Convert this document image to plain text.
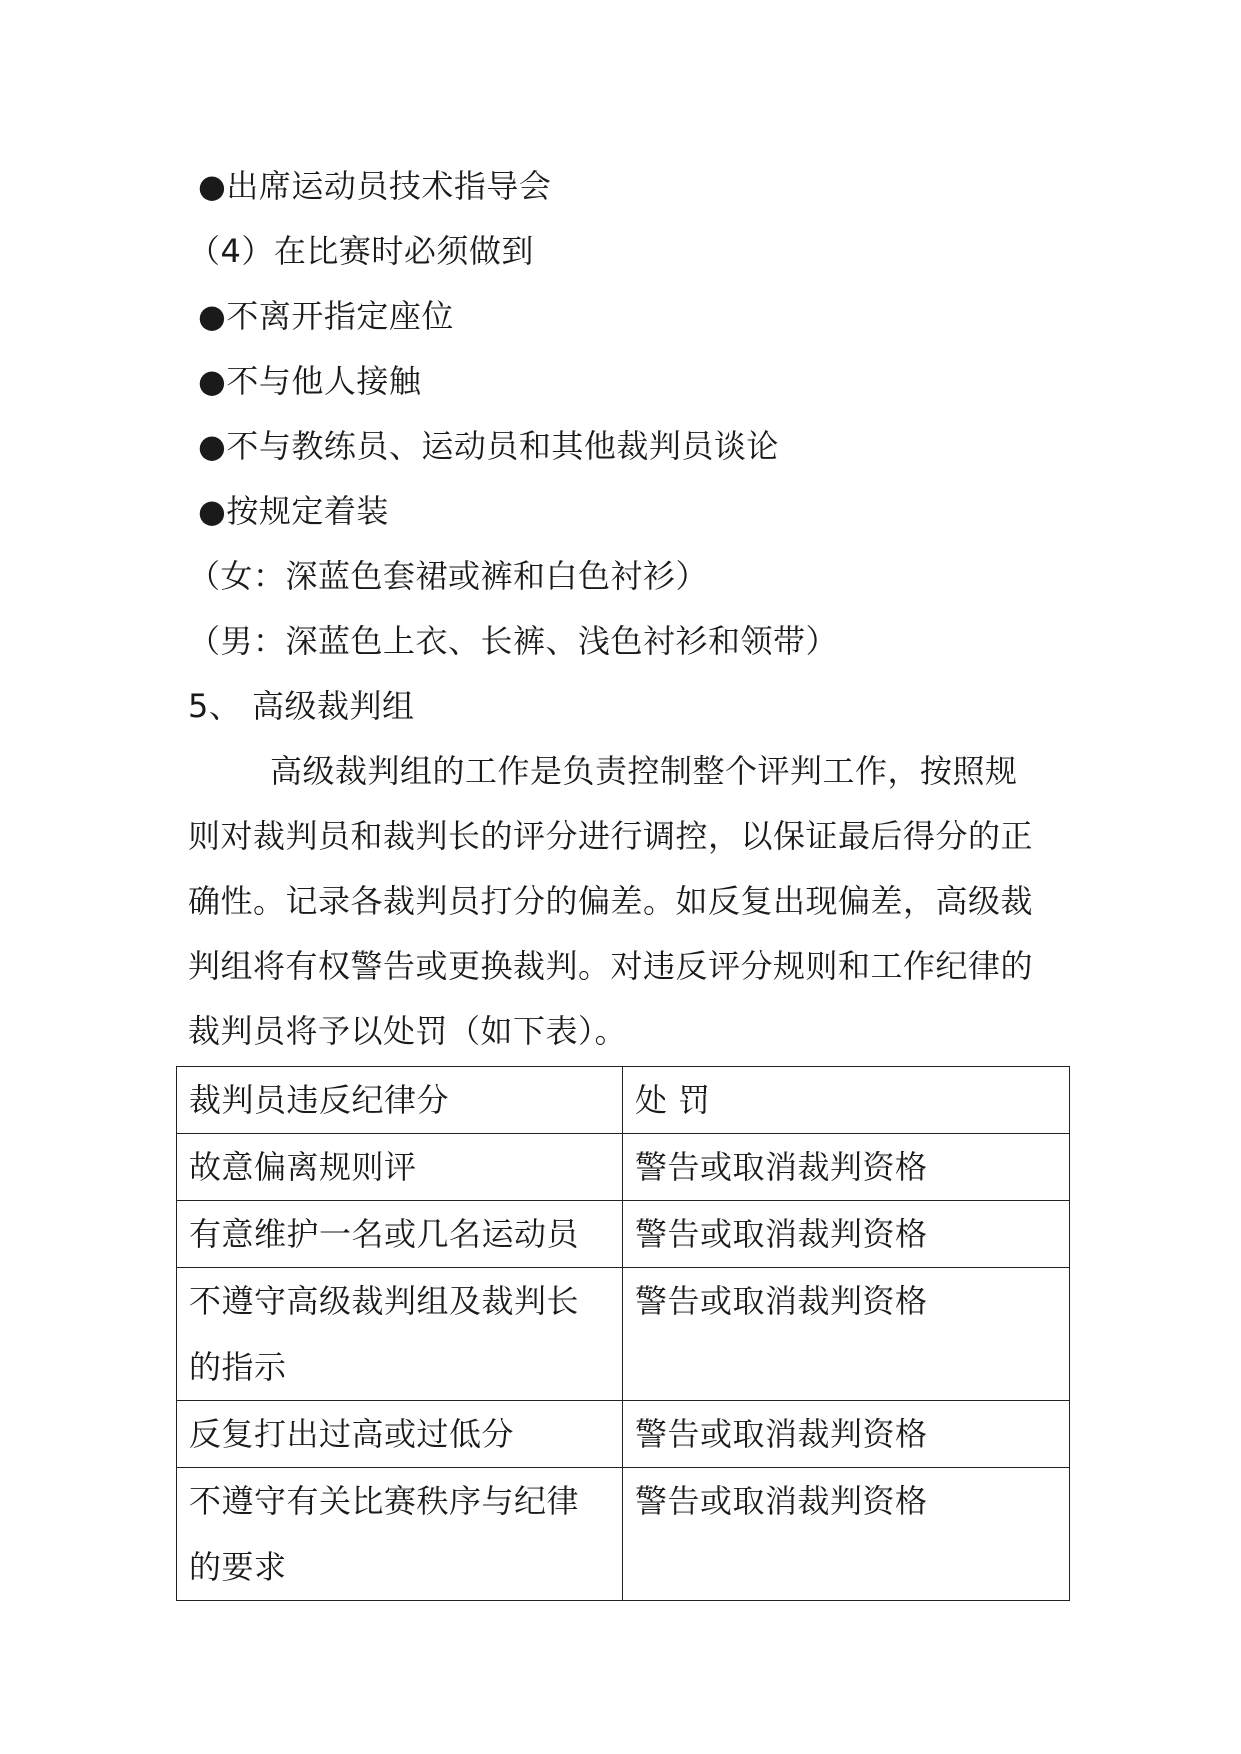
●出席运动员技术指导会
（4）在比赛时必须做到
●不离开指定座位
●不与他人接触
●不与教练员、运动员和其他裁判员谈论
●按规定着装
（女：深蓝色套裙或裤和白色衬衫）
（男：深蓝色上衣、长裤、浅色衬衫和领带）
5、 高级裁判组
高级裁判组的工作是负责控制整个评判工作，按照规
则对裁判员和裁判长的评分进行调控，以保证最后得分的正
确性。记录各裁判员打分的偏差。如反复出现偏差，高级裁
判组将有权警告或更换裁判。对违反评分规则和工作纪律的
裁判员将予以处罚（如下表）。
裁判员违反纪律分	处 罚
故意偏离规则评	警告或取消裁判资格
有意维护一名或几名运动员	警告或取消裁判资格

不遵守高级裁判组及裁判长
的指示	警告或取消裁判资格
反复打出过高或过低分	警告或取消裁判资格

不遵守有关比赛秩序与纪律
的要求	警告或取消裁判资格
